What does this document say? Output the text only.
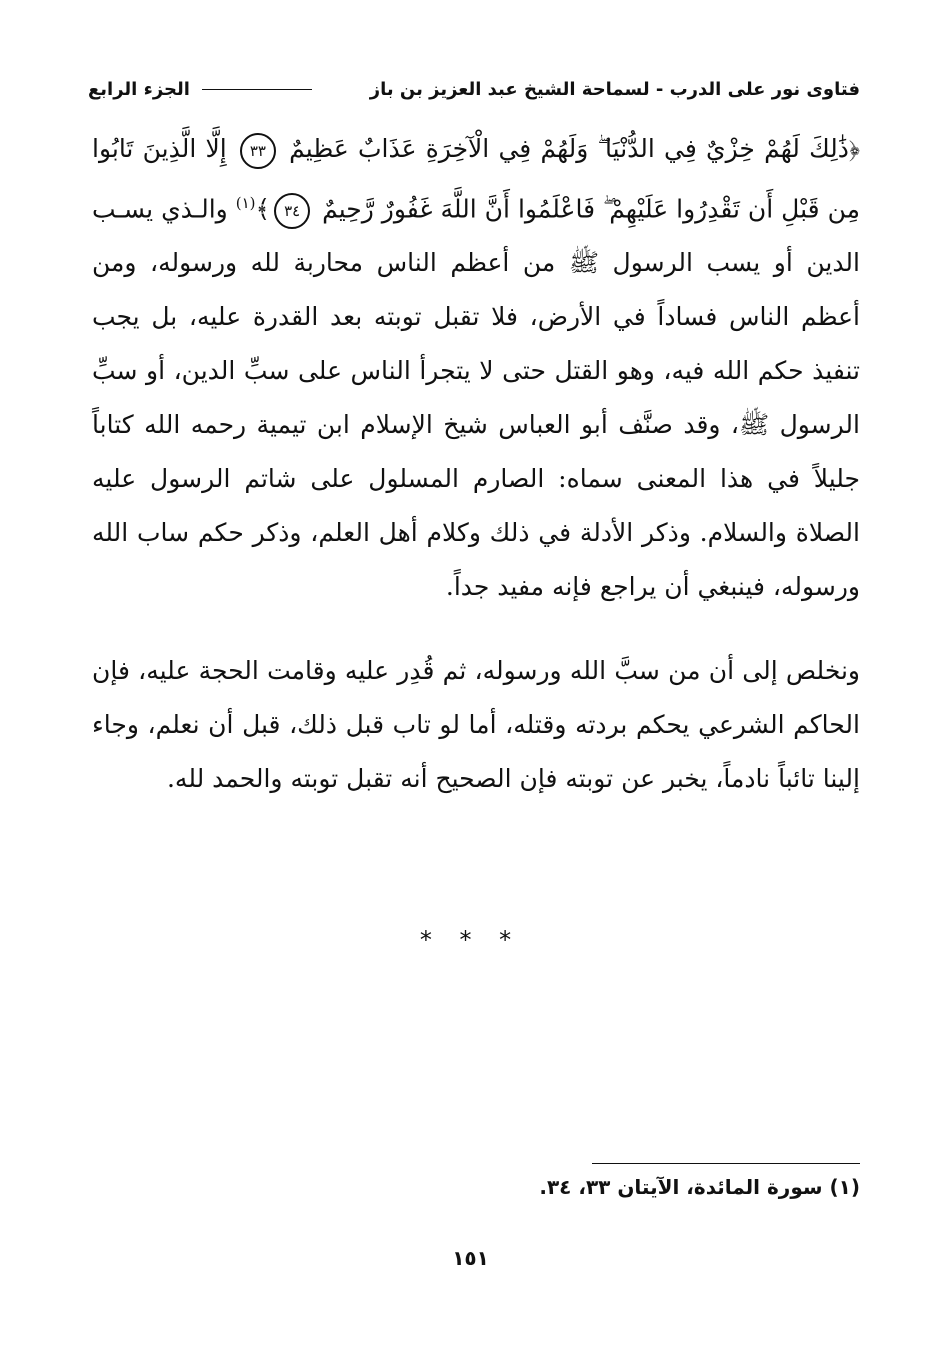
فتاوى نور على الدرب - لسماحة الشيخ عبد العزيز بن باز
الجزء الرابع

﴿ذَٰلِكَ لَهُمْ خِزْيٌ فِي الدُّنْيَا ۖ وَلَهُمْ فِي الْآخِرَةِ عَذَابٌ عَظِيمٌ ٣٣ إِلَّا الَّذِينَ تَابُوا مِن قَبْلِ أَن تَقْدِرُوا عَلَيْهِمْ ۖ فَاعْلَمُوا أَنَّ اللَّهَ غَفُورٌ رَّحِيمٌ ٣٤﴾$^{(١)}$ والـذي يسـب الدين أو يسب الرسول ﷺ من أعظم الناس محاربة لله ورسوله، ومن أعظم الناس فساداً في الأرض، فلا تقبل توبته بعد القدرة عليه، بل يجب تنفيذ حكم الله فيه، وهو القتل حتى لا يتجرأ الناس على سبِّ الدين، أو سبِّ الرسول ﷺ، وقد صنَّف أبو العباس شيخ الإسلام ابن تيمية رحمه الله كتاباً جليلاً في هذا المعنى سماه: الصارم المسلول على شاتم الرسول عليه الصلاة والسلام. وذكر الأدلة في ذلك وكلام أهل العلم، وذكر حكم ساب الله ورسوله، فينبغي أن يراجع فإنه مفيد جداً.

ونخلص إلى أن من سبَّ الله ورسوله، ثم قُدِر عليه وقامت الحجة عليه، فإن الحاكم الشرعي يحكم بردته وقتله، أما لو تاب قبل ذلك، قبل أن نعلم، وجاء إلينا تائباً نادماً، يخبر عن توبته فإن الصحيح أنه تقبل توبته والحمد لله.

* * *
(١) سورة المائدة، الآيتان ٣٣، ٣٤.
١٥١
